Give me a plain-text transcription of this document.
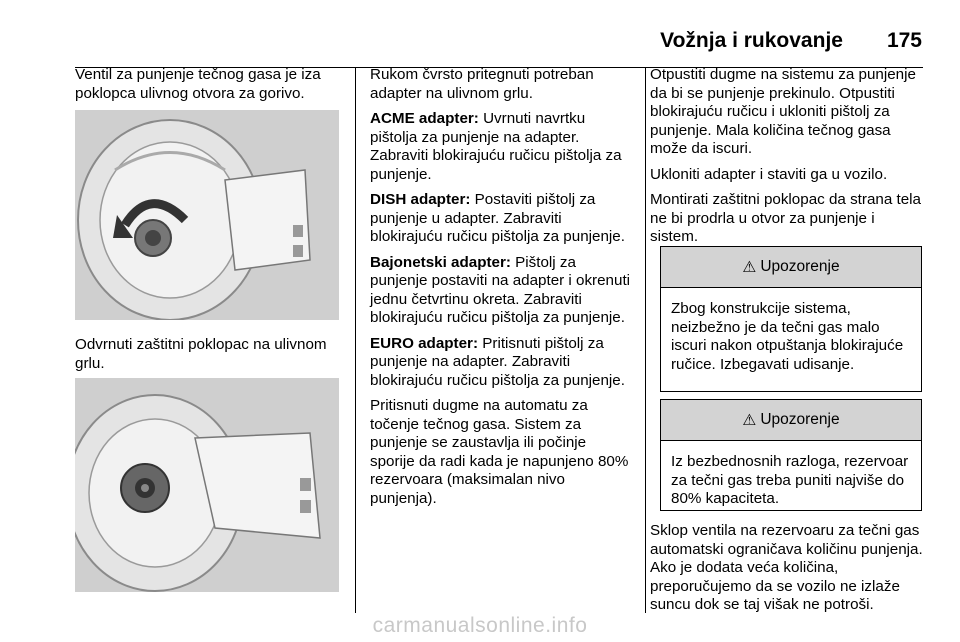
Vožnja i rukovanje 175

Ventil za punjenje tečnog gasa je iza poklopca ulivnog otvora za gorivo.

Odvrnuti zaštitni poklopac na ulivnom grlu.

Rukom čvrsto pritegnuti potreban adapter na ulivnom grlu.

ACME adapter: Uvrnuti navrtku pištolja za punjenje na adapter. Zabraviti blokirajuću ručicu pištolja za punjenje.

DISH adapter: Postaviti pištolj za punjenje u adapter. Zabraviti blokirajuću ručicu pištolja za punjenje.

Bajonetski adapter: Pištolj za punjenje postaviti na adapter i okrenuti jednu četvrtinu okreta. Zabraviti blokirajuću ručicu pištolja za punjenje.

EURO adapter: Pritisnuti pištolj za punjenje na adapter. Zabraviti blokirajuću ručicu pištolja za punjenje.

Pritisnuti dugme na automatu za točenje tečnog gasa. Sistem za punjenje se zaustavlja ili počinje sporije da radi kada je napunjeno 80% rezervoara (maksimalan nivo punjenja).

Otpustiti dugme na sistemu za punjenje da bi se punjenje prekinulo. Otpustiti blokirajuću ručicu i ukloniti pištolj za punjenje. Mala količina tečnog gasa može da iscuri.

Ukloniti adapter i staviti ga u vozilo.

Montirati zaštitni poklopac da strana tela ne bi prodrla u otvor za punjenje i sistem.

⚠ Upozorenje
Zbog konstrukcije sistema, neizbežno je da tečni gas malo iscuri nakon otpuštanja blokirajuće ručice. Izbegavati udisanje.
⚠ Upozorenje
Iz bezbednosnih razloga, rezervoar za tečni gas treba puniti najviše do 80% kapaciteta.
Sklop ventila na rezervoaru za tečni gas automatski ograničava količinu punjenja. Ako je dodata veća količina, preporučujemo da se vozilo ne izlaže suncu dok se taj višak ne potroši.
carmanualsonline.info
